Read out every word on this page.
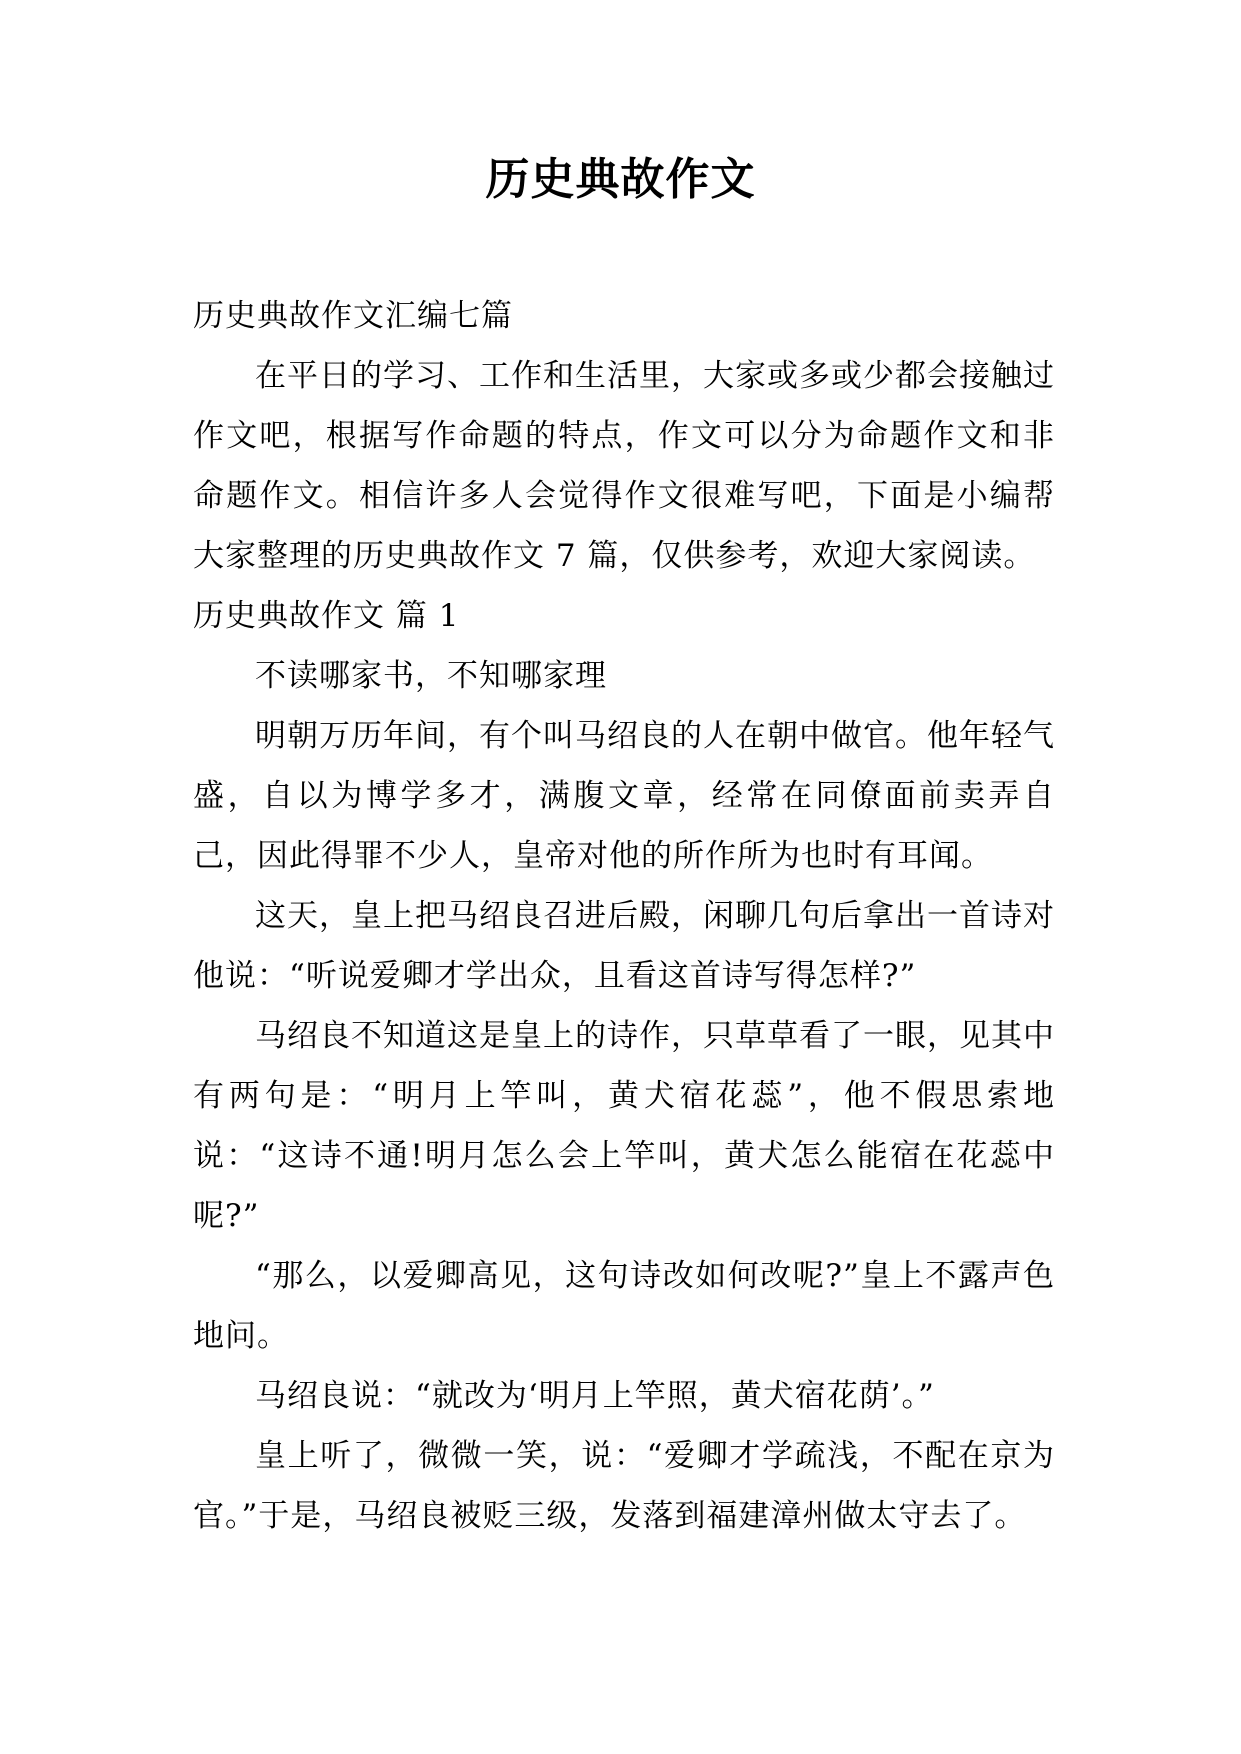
历史典故作文

历史典故作文汇编七篇

在平日的学习、工作和生活里，大家或多或少都会接触过作文吧，根据写作命题的特点，作文可以分为命题作文和非命题作文。相信许多人会觉得作文很难写吧，下面是小编帮大家整理的历史典故作文 7 篇，仅供参考，欢迎大家阅读。

历史典故作文 篇 1

不读哪家书，不知哪家理

明朝万历年间，有个叫马绍良的人在朝中做官。他年轻气盛，自以为博学多才，满腹文章，经常在同僚面前卖弄自己，因此得罪不少人，皇帝对他的所作所为也时有耳闻。

这天，皇上把马绍良召进后殿，闲聊几句后拿出一首诗对他说：“听说爱卿才学出众，且看这首诗写得怎样?”

马绍良不知道这是皇上的诗作，只草草看了一眼，见其中有两句是：“明月上竿叫，黄犬宿花蕊”，他不假思索地说：“这诗不通!明月怎么会上竿叫，黄犬怎么能宿在花蕊中呢?”

“那么，以爱卿高见，这句诗改如何改呢?”皇上不露声色地问。

马绍良说：“就改为‘明月上竿照，黄犬宿花荫’。”

皇上听了，微微一笑，说：“爱卿才学疏浅，不配在京为官。”于是，马绍良被贬三级，发落到福建漳州做太守去了。
